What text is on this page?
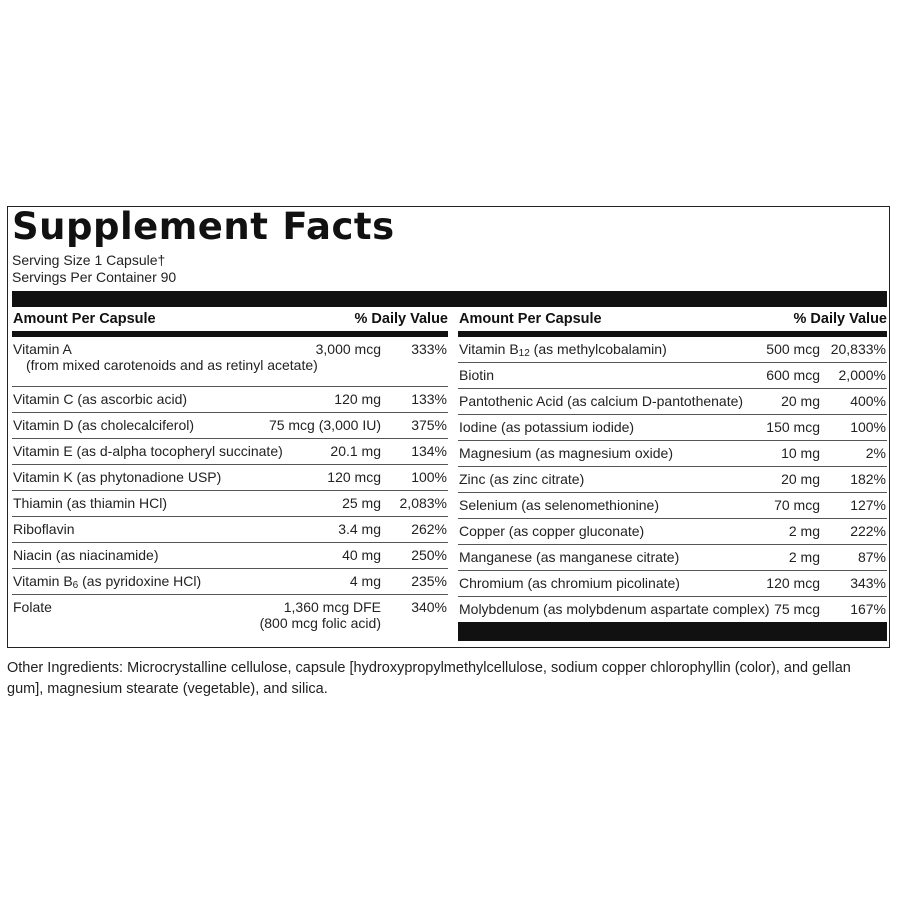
Supplement Facts
Serving Size 1 Capsule†
Servings Per Container 90
Amount Per Capsule	% Daily Value
Vitamin A
(from mixed carotenoids and as retinyl acetate)
3,000 mcg 333%
Vitamin C (as ascorbic acid)	120 mg 133%
Vitamin D (as cholecalciferol)	75 mcg (3,000 IU) 375%
Vitamin E (as d-alpha tocopheryl succinate)	20.1 mg 134%
Vitamin K (as phytonadione USP)	120 mcg 100%
Thiamin (as thiamin HCl)	25 mg 2,083%
Riboflavin	3.4 mg 262%
Niacin (as niacinamide)	40 mg 250%
Vitamin $B_6$ (as pyridoxine HCl)	4 mg 235%
Folate	1,360 mcg DFE
(800 mcg folic acid)
340%
Amount Per Capsule	% Daily Value
Vitamin $B_{12}$ (as methylcobalamin)	500 mcg 20,833%
Biotin	600 mcg 2,000%
Pantothenic Acid (as calcium D-pantothenate)	20 mg 400%
Iodine (as potassium iodide)	150 mcg 100%
Magnesium (as magnesium oxide)	10 mg	2%
Zinc (as zinc citrate)	20 mg 182%
Selenium (as selenomethionine)	70 mcg 127%
Copper (as copper gluconate)	2 mg 222%
Manganese (as manganese citrate)	2 mg	87%
Chromium (as chromium picolinate)	120 mcg 343%
Molybdenum (as molybdenum aspartate complex) 75 mcg 167%

Other Ingredients: Microcrystalline cellulose, capsule [hydroxypropylmethylcellulose, sodium copper chlorophyllin (color), and gellan gum], magnesium stearate (vegetable), and silica.
